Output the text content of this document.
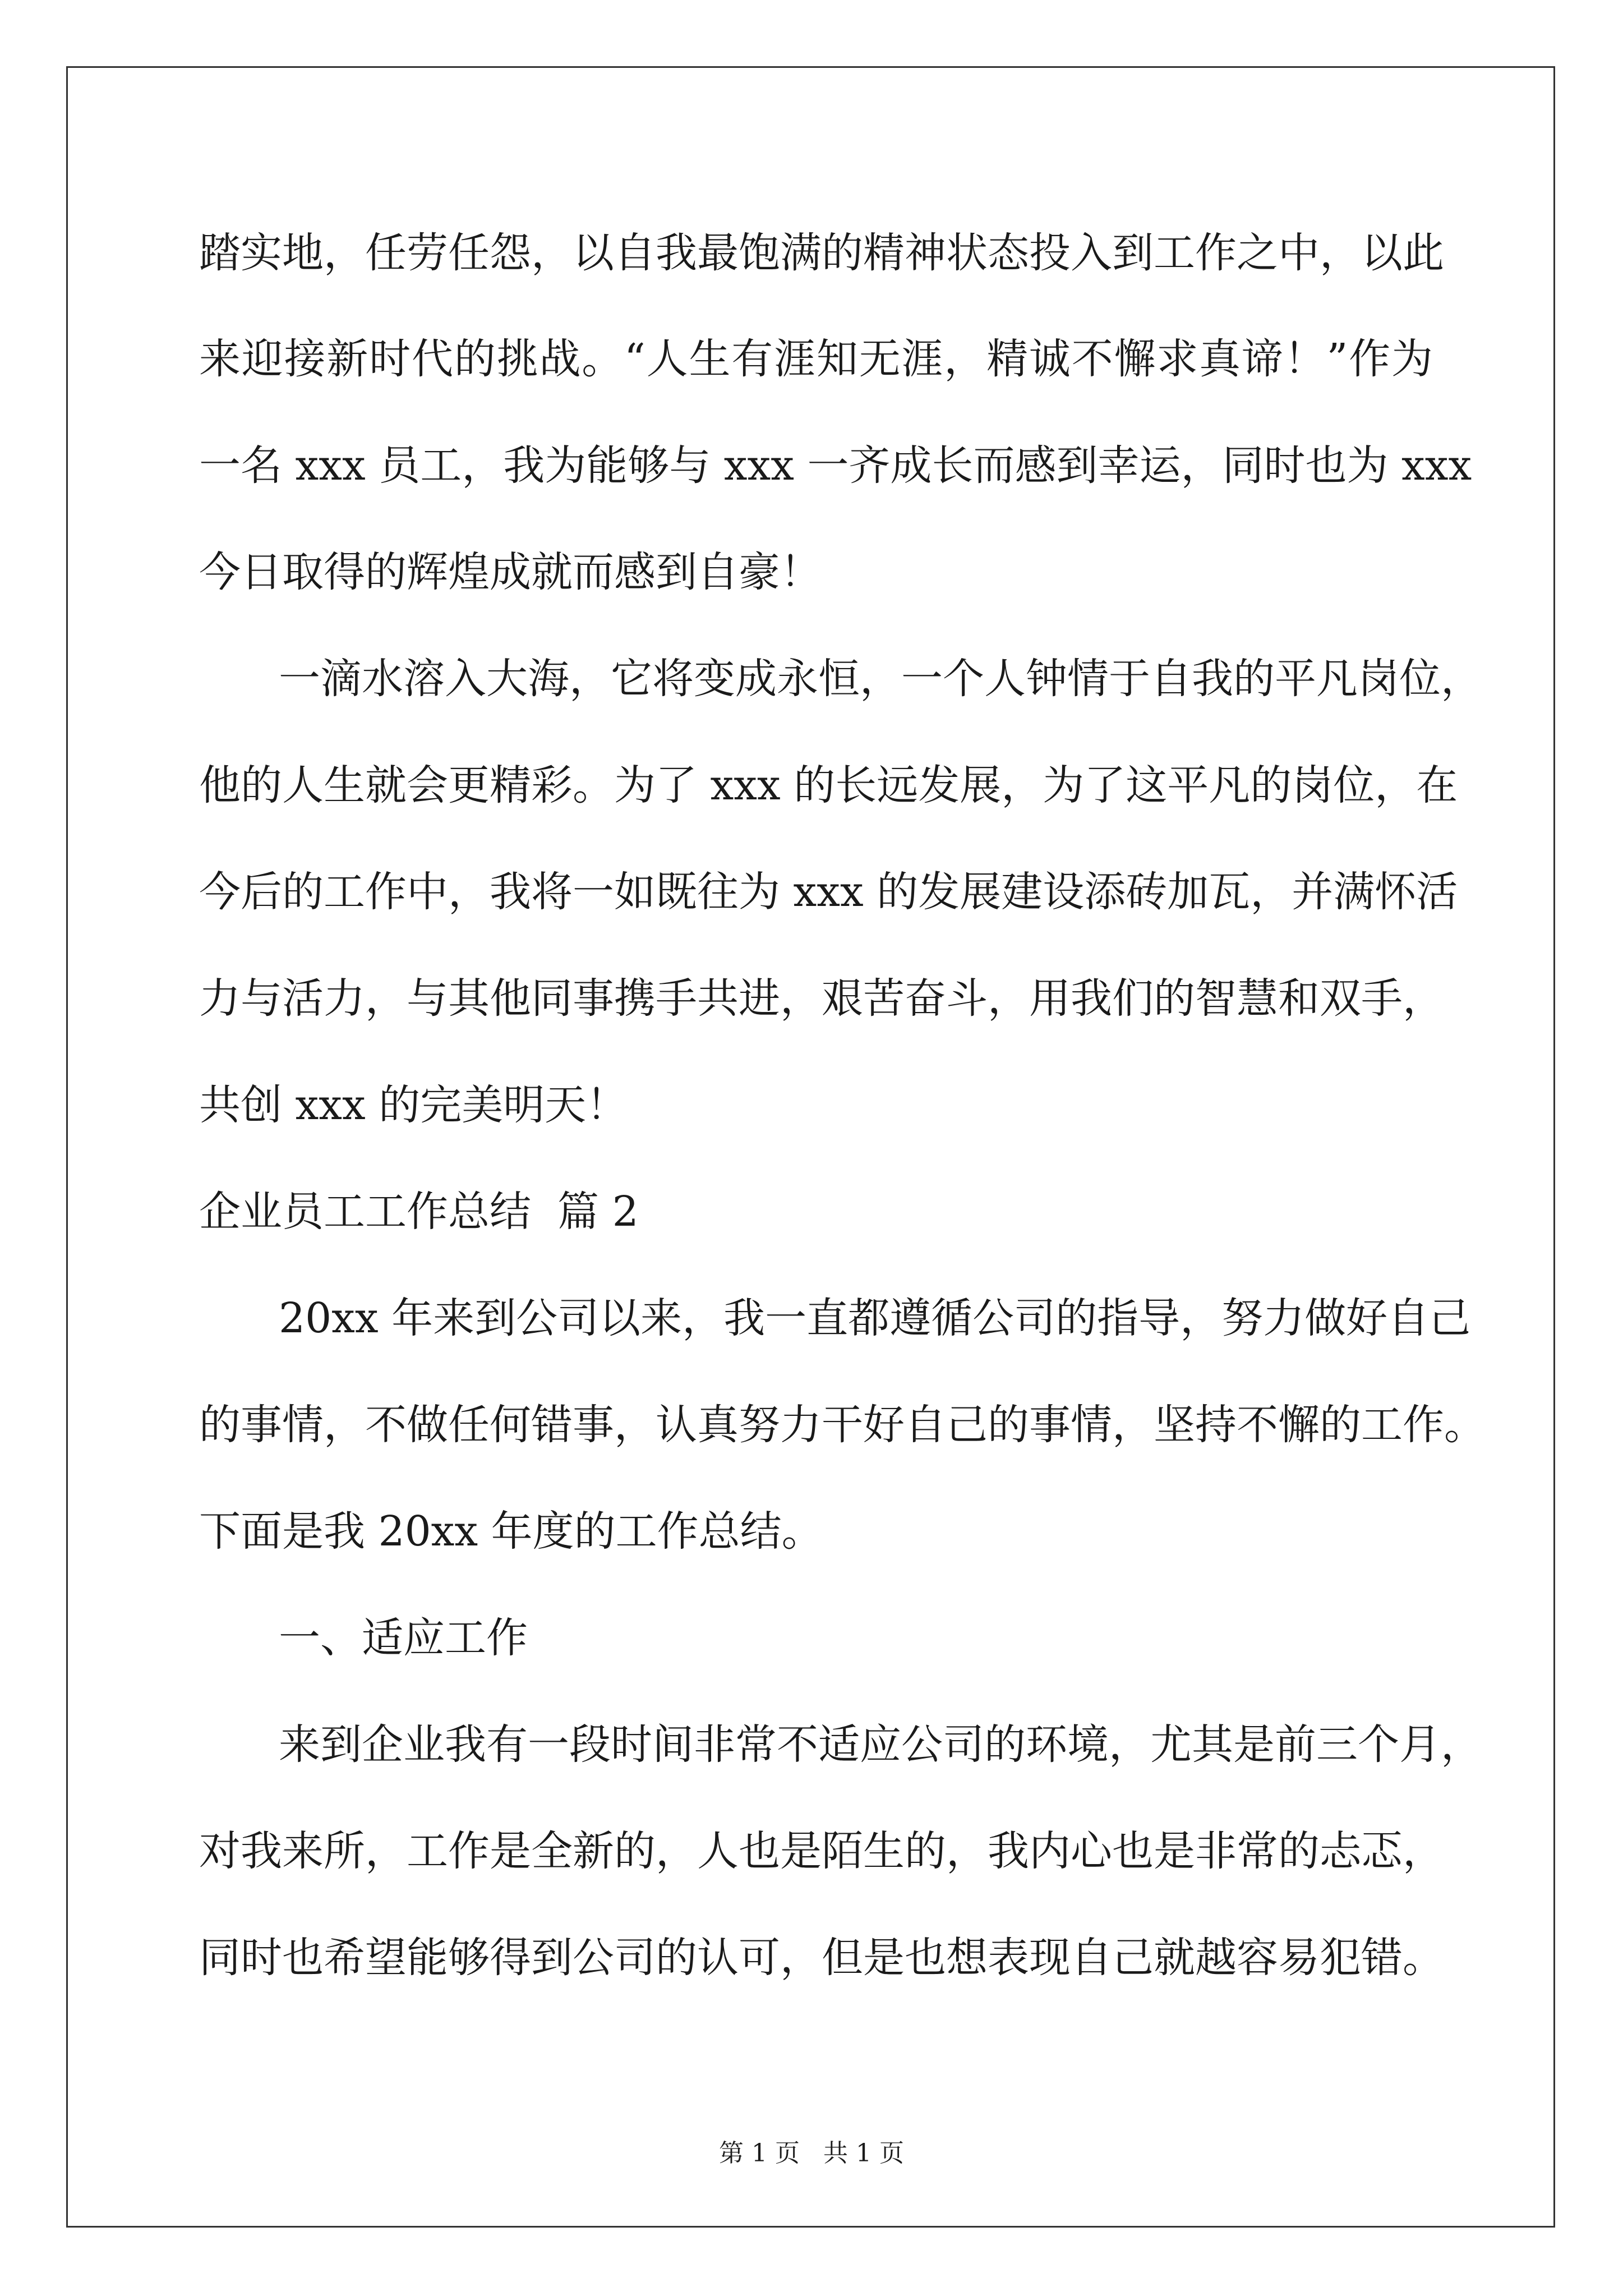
踏实地，任劳任怨，以自我最饱满的精神状态投入到工作之中，以此
来迎接新时代的挑战。“人生有涯知无涯，精诚不懈求真谛！”作为
一名 xxx 员工，我为能够与 xxx 一齐成长而感到幸运，同时也为 xxx
今日取得的辉煌成就而感到自豪！
一滴水溶入大海，它将变成永恒，一个人钟情于自我的平凡岗位，
他的人生就会更精彩。为了 xxx 的长远发展，为了这平凡的岗位，在
今后的工作中，我将一如既往为 xxx 的发展建设添砖加瓦，并满怀活
力与活力，与其他同事携手共进，艰苦奋斗，用我们的智慧和双手，
共创 xxx 的完美明天！
企业员工工作总结  篇 2
20xx 年来到公司以来，我一直都遵循公司的指导，努力做好自己
的事情，不做任何错事，认真努力干好自己的事情，坚持不懈的工作。
下面是我 20xx 年度的工作总结。
一、适应工作
来到企业我有一段时间非常不适应公司的环境，尤其是前三个月，
对我来所，工作是全新的，人也是陌生的，我内心也是非常的忐忑，
同时也希望能够得到公司的认可，但是也想表现自己就越容易犯错。
第 1 页   共 1 页
